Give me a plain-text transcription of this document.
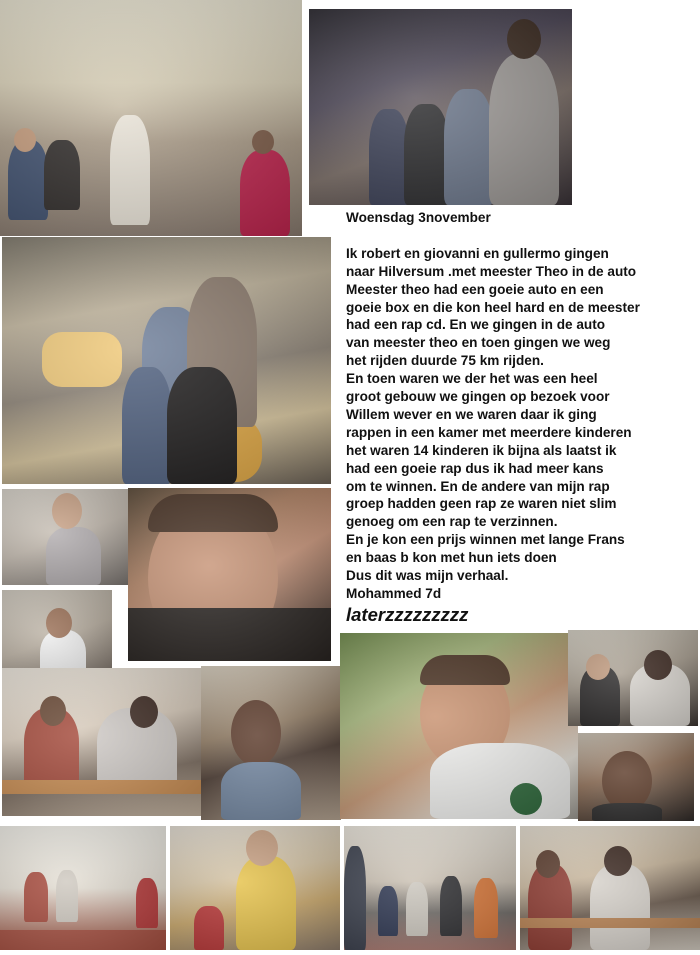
Woensdag 3november
Ik robert en giovanni en gullermo gingen
naar Hilversum .met meester Theo in de auto
Meester theo had een goeie auto en een
goeie box en die kon heel hard en de meester
had een rap cd. En we gingen in de auto
van meester theo en toen gingen we weg
het rijden duurde 75 km rijden.
En toen waren we der het was een heel
groot gebouw we gingen op bezoek voor
Willem wever en we waren daar ik ging
rappen in een kamer met meerdere kinderen
het waren 14 kinderen ik bijna als laatst ik
had een goeie rap dus ik had meer kans
om te winnen. En de andere van mijn rap
groep hadden geen rap ze waren niet slim
genoeg om een rap te verzinnen.
En je kon een prijs winnen met lange Frans
en baas b kon met hun iets doen
Dus dit was mijn verhaal.
Mohammed 7d
laterzzzzzzzzz
